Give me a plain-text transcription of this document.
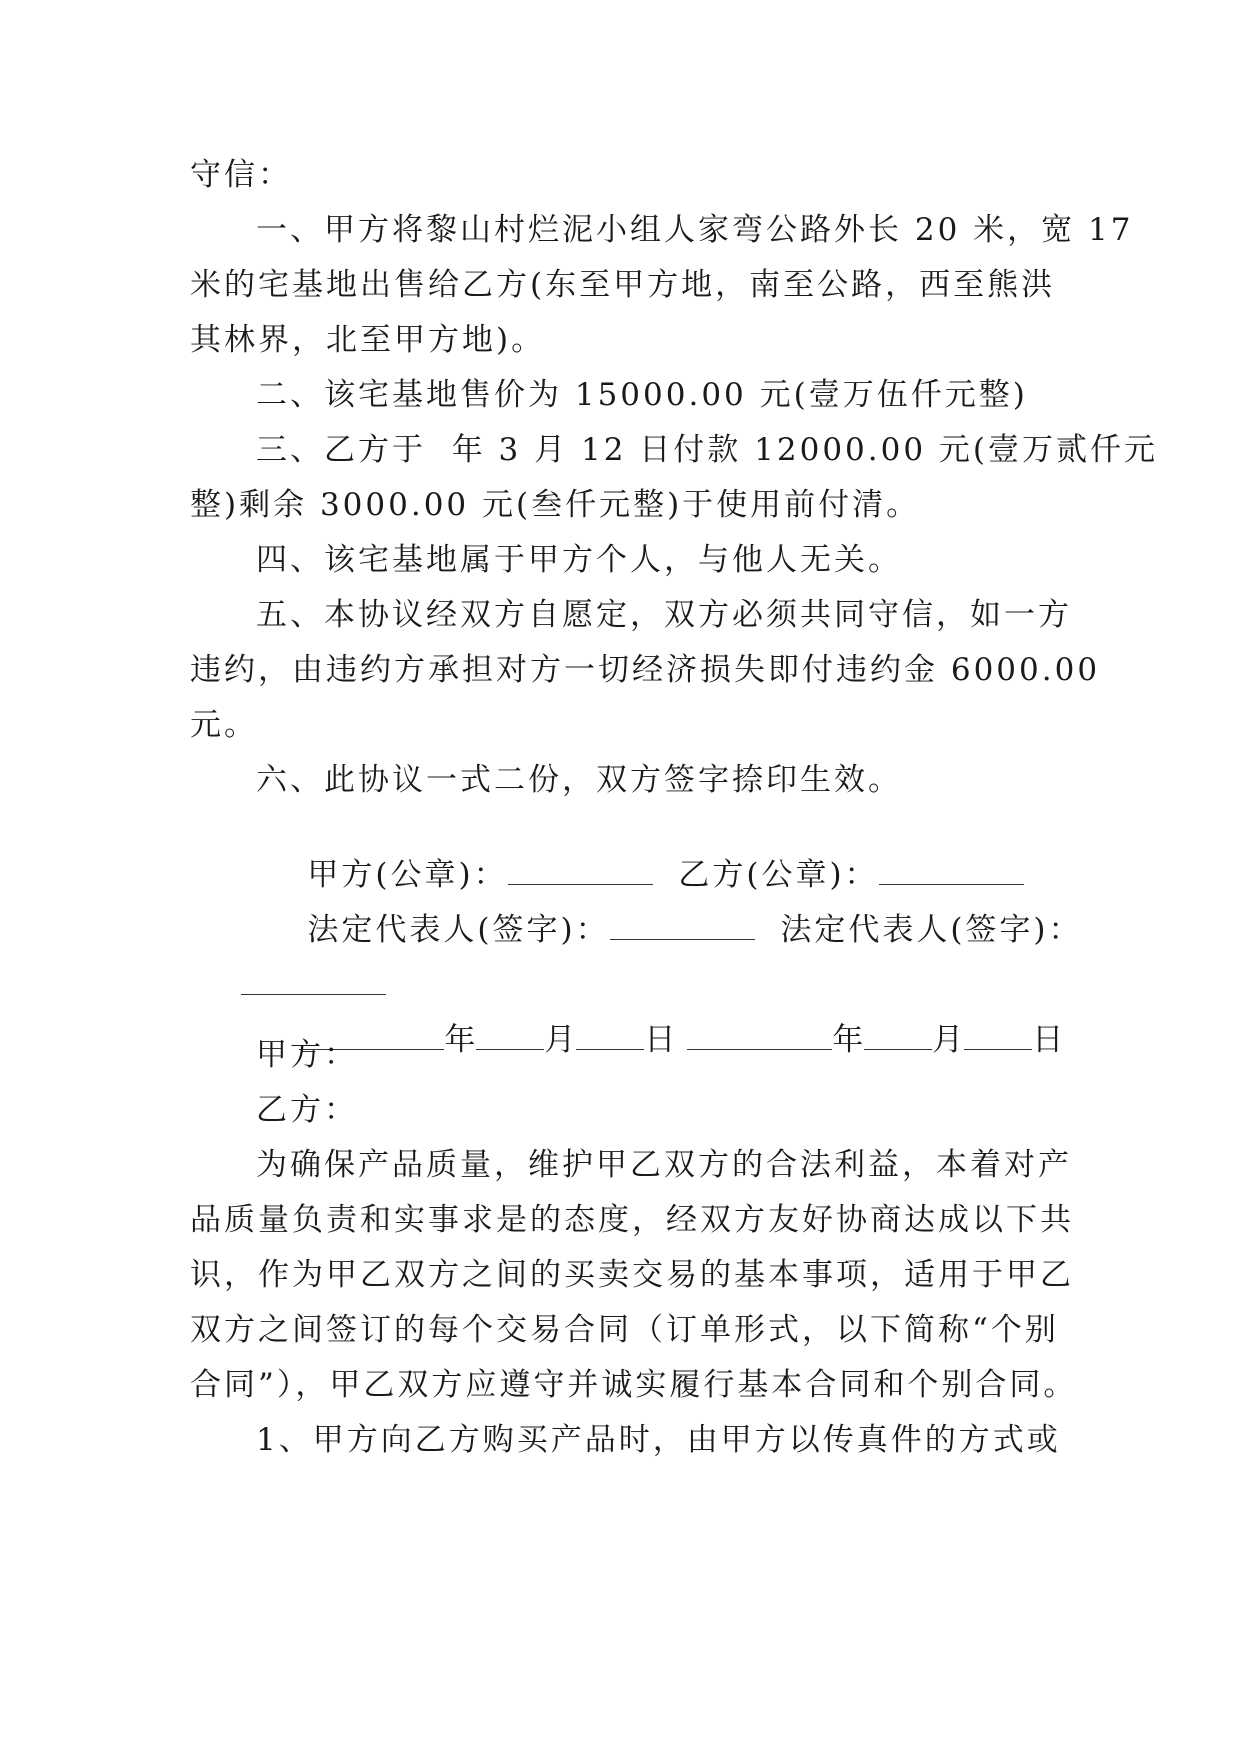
守信：
一、甲方将黎山村烂泥小组人家弯公路外长 20 米，宽 17
米的宅基地出售给乙方(东至甲方地，南至公路，西至熊洪
其林界，北至甲方地)。
二、该宅基地售价为 15000.00 元(壹万伍仟元整)
三、乙方于  年 3 月 12 日付款 12000.00 元(壹万贰仟元
整)剩余 3000.00 元(叁仟元整)于使用前付清。
四、该宅基地属于甲方个人，与他人无关。
五、本协议经双方自愿定，双方必须共同守信，如一方
违约，由违约方承担对方一切经济损失即付违约金 6000.00
元。
六、此协议一式二份，双方签字捺印生效。

甲方(公章)：	乙方(公章)：

法定代表人(签字)：	法定代表人(签字)：

年 月 日	年 月 日

甲方：
乙方：
为确保产品质量，维护甲乙双方的合法利益，本着对产
品质量负责和实事求是的态度，经双方友好协商达成以下共
识，作为甲乙双方之间的买卖交易的基本事项，适用于甲乙
双方之间签订的每个交易合同（订单形式，以下简称“个别
合同”），甲乙双方应遵守并诚实履行基本合同和个别合同。
1、甲方向乙方购买产品时，由甲方以传真件的方式或
